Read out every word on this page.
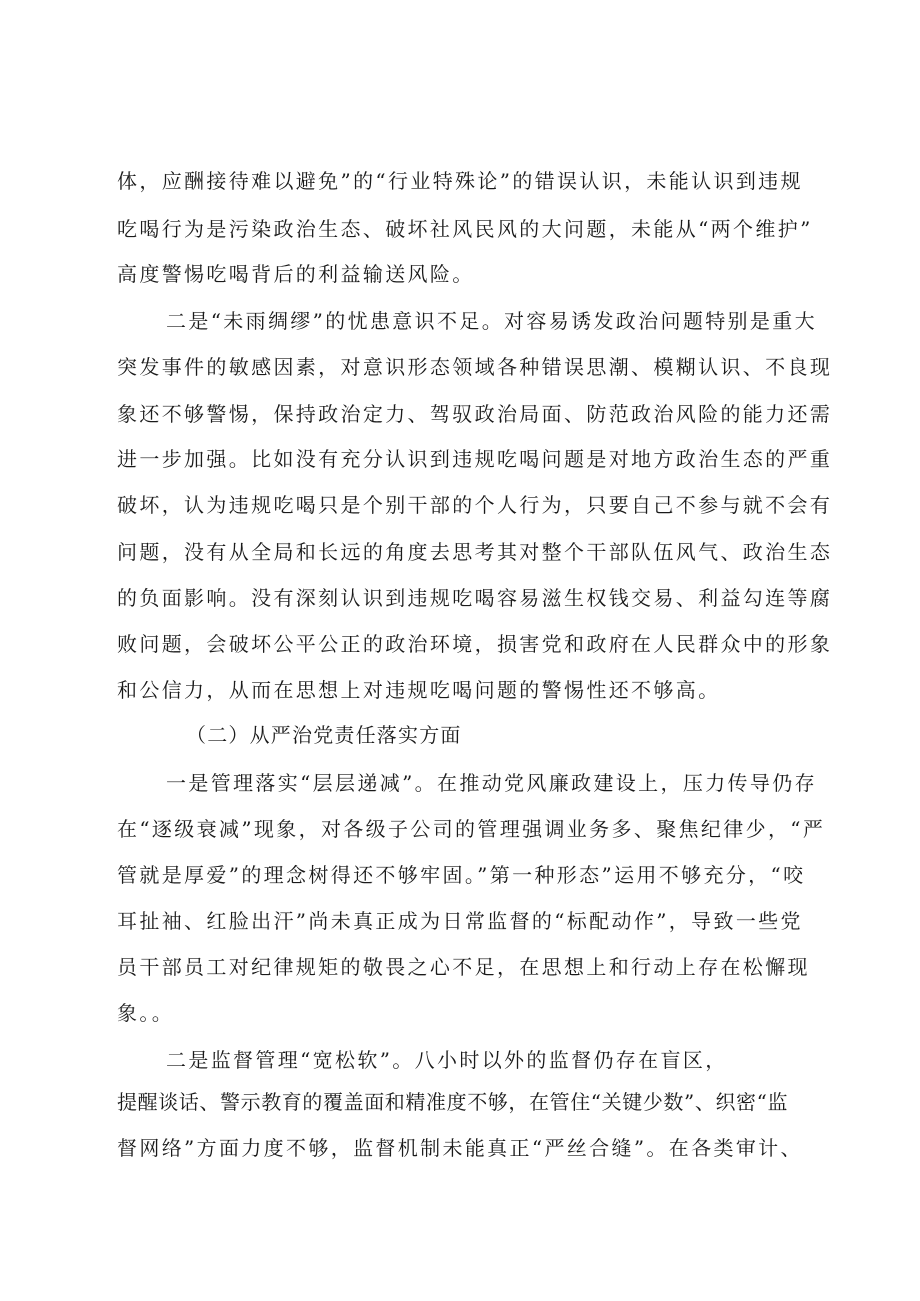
体，应酬接待难以避免”的“行业特殊论”的错误认识，未能认识到违规
吃喝行为是污染政治生态、破坏社风民风的大问题，未能从“两个维护”
高度警惕吃喝背后的利益输送风险。
二是“未雨绸缪”的忧患意识不足。对容易诱发政治问题特别是重大
突发事件的敏感因素，对意识形态领域各种错误思潮、模糊认识、不良现
象还不够警惕，保持政治定力、驾驭政治局面、防范政治风险的能力还需
进一步加强。比如没有充分认识到违规吃喝问题是对地方政治生态的严重
破坏，认为违规吃喝只是个别干部的个人行为，只要自己不参与就不会有
问题，没有从全局和长远的角度去思考其对整个干部队伍风气、政治生态
的负面影响。没有深刻认识到违规吃喝容易滋生权钱交易、利益勾连等腐
败问题，会破坏公平公正的政治环境，损害党和政府在人民群众中的形象
和公信力，从而在思想上对违规吃喝问题的警惕性还不够高。
（二）从严治党责任落实方面
一是管理落实“层层递减”。在推动党风廉政建设上，压力传导仍存
在“逐级衰减”现象，对各级子公司的管理强调业务多、聚焦纪律少，“严
管就是厚爱”的理念树得还不够牢固。”第一种形态”运用不够充分，“咬
耳扯袖、红脸出汗”尚未真正成为日常监督的“标配动作”，导致一些党
员干部员工对纪律规矩的敬畏之心不足，在思想上和行动上存在松懈现
象。。
二是监督管理“宽松软”。八小时以外的监督仍存在盲区，
提醒谈话、警示教育的覆盖面和精准度不够，在管住“关键少数”、织密“监
督网络”方面力度不够，监督机制未能真正“严丝合缝”。在各类审计、
